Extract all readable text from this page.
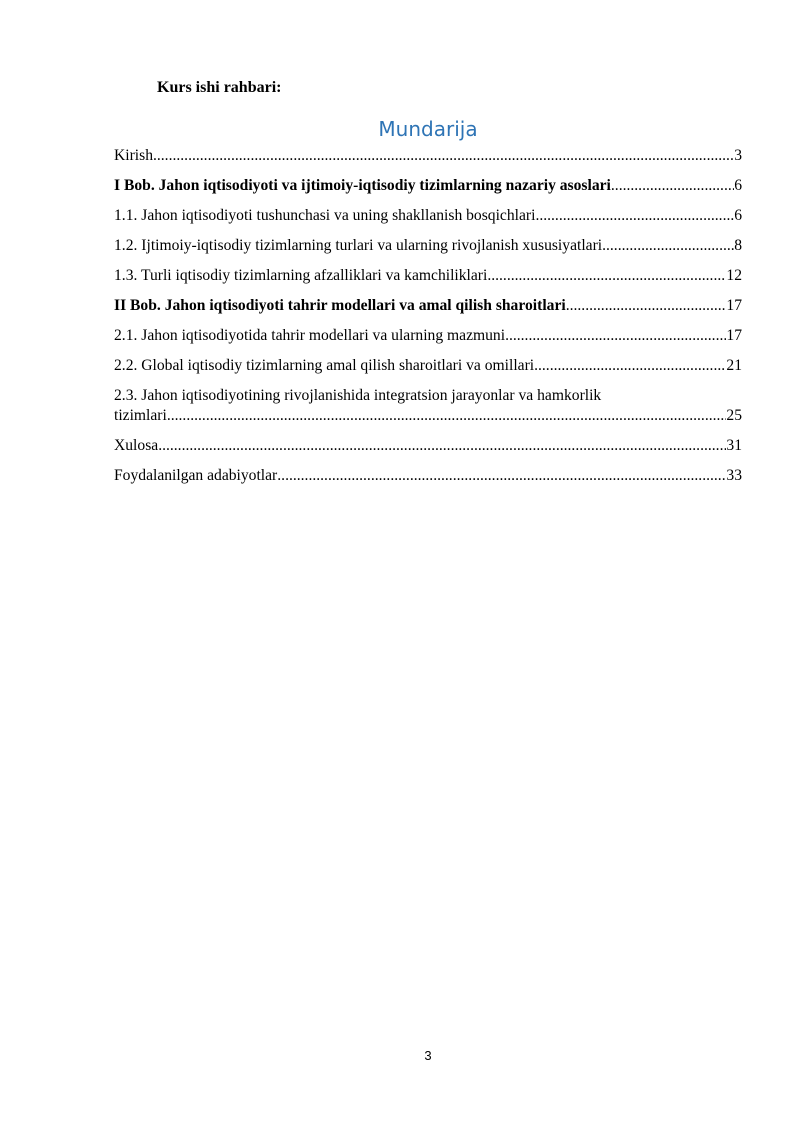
Kurs ishi rahbari:
Mundarija
Kirish .....	3
I Bob. Jahon iqtisodiyoti va ijtimoiy-iqtisodiy tizimlarning nazariy asoslari .....	6
1.1. Jahon iqtisodiyoti tushunchasi va uning shakllanish bosqichlari .....	6
1.2. Ijtimoiy-iqtisodiy tizimlarning turlari va ularning rivojlanish xususiyatlari .....	8
1.3. Turli iqtisodiy tizimlarning afzalliklari va kamchiliklari .....	12
II Bob. Jahon iqtisodiyoti tahrir modellari va amal qilish sharoitlari .....	17
2.1. Jahon iqtisodiyotida tahrir modellari va ularning mazmuni .....	17
2.2. Global iqtisodiy tizimlarning amal qilish sharoitlari va omillari .....	21
2.3. Jahon iqtisodiyotining rivojlanishida integratsion jarayonlar va hamkorlik
tizimlari .....	25
Xulosa .....	31
Foydalanilgan adabiyotlar .....	33
3
